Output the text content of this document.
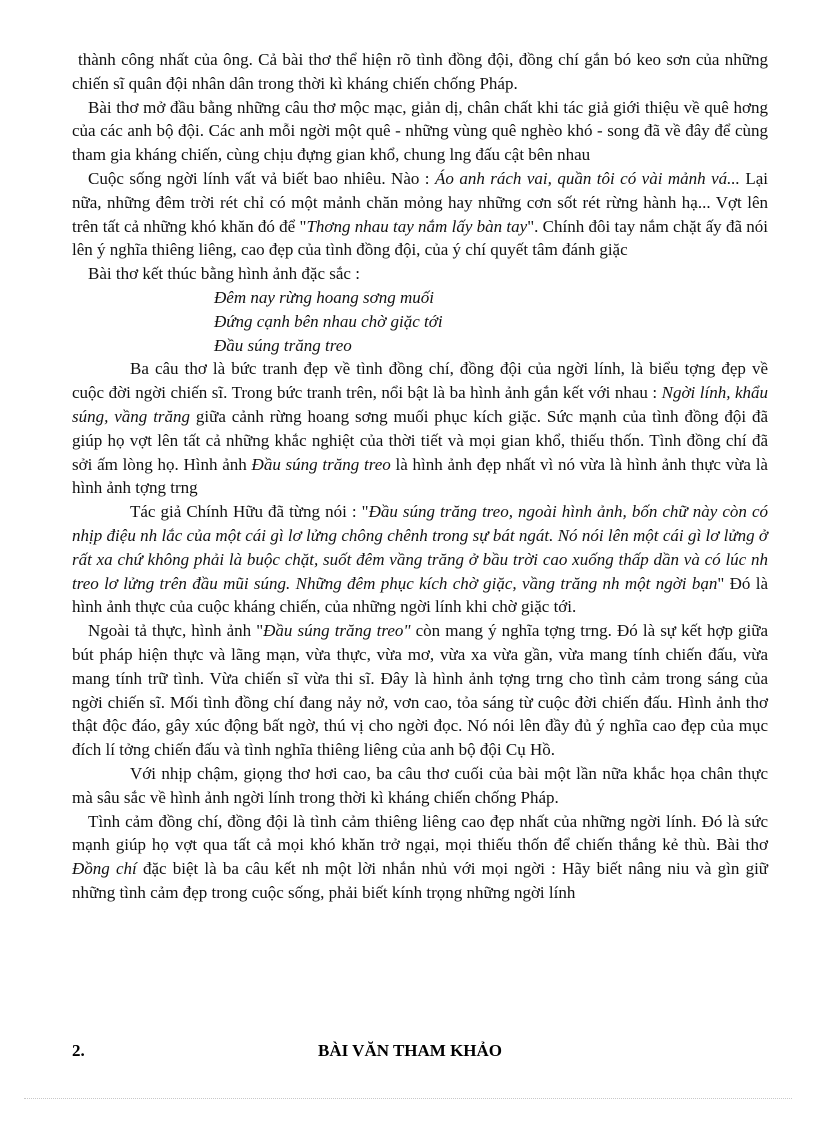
thành công nhất của ông. Cả bài thơ thể hiện rõ tình đồng đội, đồng chí gắn bó keo sơn của những chiến sĩ quân đội nhân dân trong thời kì kháng chiến chống Pháp.

Bài thơ mở đầu bằng những câu thơ mộc mạc, giản dị, chân chất khi tác giả giới thiệu về quê hơng của các anh bộ đội. Các anh mỗi ngời một quê - những vùng quê nghèo khó - song đã về đây để cùng tham gia kháng chiến, cùng chịu đựng gian khổ, chung lng đấu cật bên nhau

Cuộc sống ngời lính vất vả biết bao nhiêu. Nào : Áo anh rách vai, quần tôi có vài mảnh vá... Lại nữa, những đêm trời rét chỉ có một mảnh chăn mỏng hay những cơn sốt rét rừng hành hạ... Vợt lên trên tất cả những khó khăn đó để "Thơng nhau tay nắm lấy bàn tay". Chính đôi tay nắm chặt ấy đã nói lên ý nghĩa thiêng liêng, cao đẹp của tình đồng đội, của ý chí quyết tâm đánh giặc

Bài thơ kết thúc bằng hình ảnh đặc sắc :

Đêm nay rừng hoang sơng muối
Đứng cạnh bên nhau chờ giặc tới
Đầu súng trăng treo

Ba câu thơ là bức tranh đẹp về tình đồng chí, đồng đội của ngời lính, là biểu tợng đẹp về cuộc đời ngời chiến sĩ. Trong bức tranh trên, nổi bật là ba hình ảnh gắn kết với nhau : Ngời lính, khẩu súng, vầng trăng giữa cảnh rừng hoang sơng muối phục kích giặc. Sức mạnh của tình đồng đội đã giúp họ vợt lên tất cả những khắc nghiệt của thời tiết và mọi gian khổ, thiếu thốn. Tình đồng chí đã sởi ấm lòng họ. Hình ảnh Đầu súng trăng treo là hình ảnh đẹp nhất vì nó vừa là hình ảnh thực vừa là hình ảnh tợng trng

Tác giả Chính Hữu đã từng nói : "Đầu súng trăng treo, ngoài hình ảnh, bốn chữ này còn có nhịp điệu nh lắc của một cái gì lơ lửng chông chênh trong sự bát ngát. Nó nói lên một cái gì lơ lửng ở rất xa chứ không phải là buộc chặt, suốt đêm vầng trăng ở bầu trời cao xuống thấp dần và có lúc nh treo lơ lửng trên đầu mũi súng. Những đêm phục kích chờ giặc, vầng trăng nh một ngời bạn" Đó là hình ảnh thực của cuộc kháng chiến, của những ngời lính khi chờ giặc tới.

Ngoài tả thực, hình ảnh "Đầu súng trăng treo" còn mang ý nghĩa tợng trng. Đó là sự kết hợp giữa bút pháp hiện thực và lãng mạn, vừa thực, vừa mơ, vừa xa vừa gần, vừa mang tính chiến đấu, vừa mang tính trữ tình. Vừa chiến sĩ vừa thi sĩ. Đây là hình ảnh tợng trng cho tình cảm trong sáng của ngời chiến sĩ. Mối tình đồng chí đang nảy nở, vơn cao, tỏa sáng từ cuộc đời chiến đấu. Hình ảnh thơ thật độc đáo, gây xúc động bất ngờ, thú vị cho ngời đọc. Nó nói lên đầy đủ ý nghĩa cao đẹp của mục đích lí tởng chiến đấu và tình nghĩa thiêng liêng của anh bộ đội Cụ Hồ.

Với nhịp chậm, giọng thơ hơi cao, ba câu thơ cuối của bài một lần nữa khắc họa chân thực mà sâu sắc về hình ảnh ngời lính trong thời kì kháng chiến chống Pháp.

Tình cảm đồng chí, đồng đội là tình cảm thiêng liêng cao đẹp nhất của những ngời lính. Đó là sức mạnh giúp họ vợt qua tất cả mọi khó khăn trở ngại, mọi thiếu thốn để chiến thắng kẻ thù. Bài thơ Đồng chí đặc biệt là ba câu kết nh một lời nhắn nhủ với mọi ngời : Hãy biết nâng niu và gìn giữ những tình cảm đẹp trong cuộc sống, phải biết kính trọng những ngời lính

2.	BÀI VĂN THAM KHẢO
